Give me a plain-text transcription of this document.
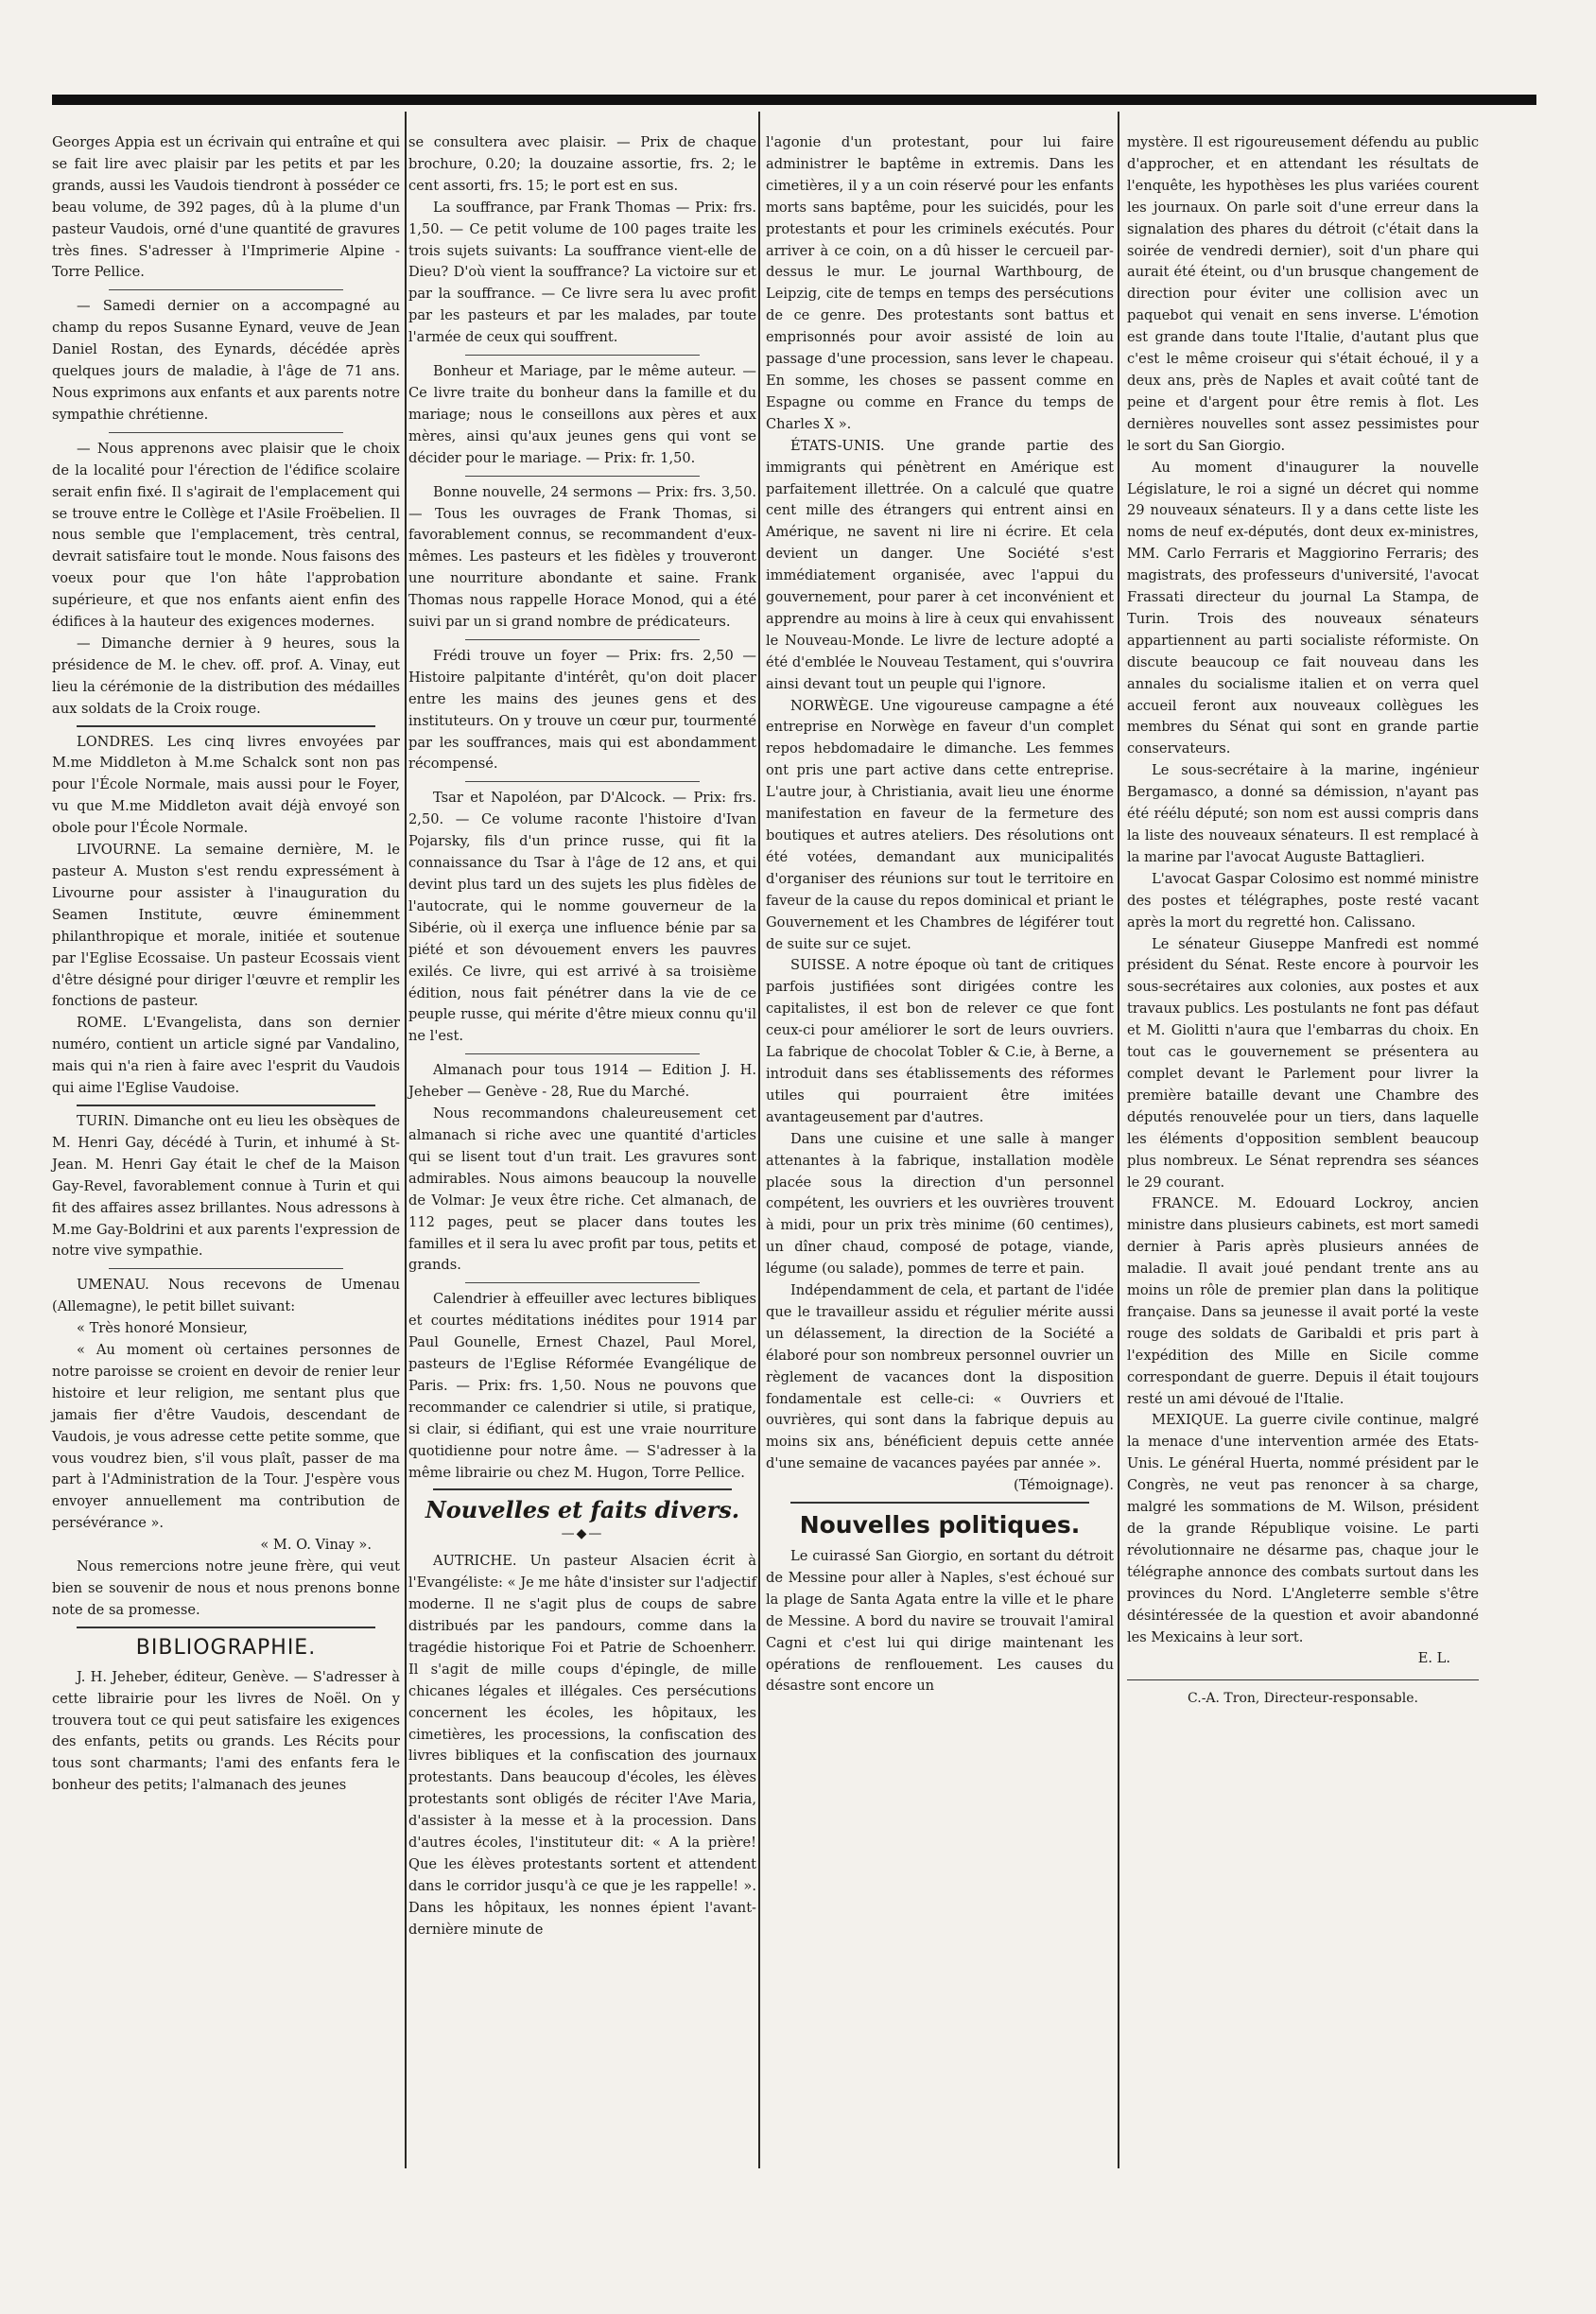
Georges Appia est un écrivain qui entraîne et qui se fait lire avec plaisir par les petits et par les grands, aussi les Vaudois tiendront à posséder ce beau volume, de 392 pages, dû à la plume d'un pasteur Vaudois, orné d'une quantité de gravures très fines. S'adresser à l'Imprimerie Alpine - Torre Pellice.

— Samedi dernier on a accompagné au champ du repos Susanne Eynard, veuve de Jean Daniel Rostan, des Eynards, décédée après quelques jours de maladie, à l'âge de 71 ans. Nous exprimons aux enfants et aux parents notre sympathie chrétienne.

— Nous apprenons avec plaisir que le choix de la localité pour l'érection de l'édifice scolaire serait enfin fixé. Il s'agirait de l'emplacement qui se trouve entre le Collège et l'Asile Froëbelien. Il nous semble que l'emplacement, très central, devrait satisfaire tout le monde. Nous faisons des voeux pour que l'on hâte l'approbation supérieure, et que nos enfants aient enfin des édifices à la hauteur des exigences modernes.

— Dimanche dernier à 9 heures, sous la présidence de M. le chev. off. prof. A. Vinay, eut lieu la cérémonie de la distribution des médailles aux soldats de la Croix rouge.

LONDRES. Les cinq livres envoyées par M.me Middleton à M.me Schalck sont non pas pour l'École Normale, mais aussi pour le Foyer, vu que M.me Middleton avait déjà envoyé son obole pour l'École Normale.

LIVOURNE. La semaine dernière, M. le pasteur A. Muston s'est rendu expressément à Livourne pour assister à l'inauguration du Seamen Institute, œuvre éminemment philanthropique et morale, initiée et soutenue par l'Eglise Ecossaise. Un pasteur Ecossais vient d'être désigné pour diriger l'œuvre et remplir les fonctions de pasteur.

ROME. L'Evangelista, dans son dernier numéro, contient un article signé par Vandalino, mais qui n'a rien à faire avec l'esprit du Vaudois qui aime l'Eglise Vaudoise.

TURIN. Dimanche ont eu lieu les obsèques de M. Henri Gay, décédé à Turin, et inhumé à St-Jean. M. Henri Gay était le chef de la Maison Gay-Revel, favorablement connue à Turin et qui fit des affaires assez brillantes. Nous adressons à M.me Gay-Boldrini et aux parents l'expression de notre vive sympathie.

UMENAU. Nous recevons de Umenau (Allemagne), le petit billet suivant:

« Très honoré Monsieur,

« Au moment où certaines personnes de notre paroisse se croient en devoir de renier leur histoire et leur religion, me sentant plus que jamais fier d'être Vaudois, descendant de Vaudois, je vous adresse cette petite somme, que vous voudrez bien, s'il vous plaît, passer de ma part à l'Administration de la Tour. J'espère vous envoyer annuellement ma contribution de persévérance ».

« M. O. Vinay ».

Nous remercions notre jeune frère, qui veut bien se souvenir de nous et nous prenons bonne note de sa promesse.

BIBLIOGRAPHIE.

J. H. Jeheber, éditeur, Genève. — S'adresser à cette librairie pour les livres de Noël. On y trouvera tout ce qui peut satisfaire les exigences des enfants, petits ou grands. Les Récits pour tous sont charmants; l'ami des enfants fera le bonheur des petits; l'almanach des jeunes

se consultera avec plaisir. — Prix de chaque brochure, 0.20; la douzaine assortie, frs. 2; le cent assorti, frs. 15; le port est en sus.

La souffrance, par Frank Thomas — Prix: frs. 1,50. — Ce petit volume de 100 pages traite les trois sujets suivants: La souffrance vient-elle de Dieu? D'où vient la souffrance? La victoire sur et par la souffrance. — Ce livre sera lu avec profit par les pasteurs et par les malades, par toute l'armée de ceux qui souffrent.

Bonheur et Mariage, par le même auteur. — Ce livre traite du bonheur dans la famille et du mariage; nous le conseillons aux pères et aux mères, ainsi qu'aux jeunes gens qui vont se décider pour le mariage. — Prix: fr. 1,50.

Bonne nouvelle, 24 sermons — Prix: frs. 3,50. — Tous les ouvrages de Frank Thomas, si favorablement connus, se recommandent d'eux-mêmes. Les pasteurs et les fidèles y trouveront une nourriture abondante et saine. Frank Thomas nous rappelle Horace Monod, qui a été suivi par un si grand nombre de prédicateurs.

Frédi trouve un foyer — Prix: frs. 2,50 — Histoire palpitante d'intérêt, qu'on doit placer entre les mains des jeunes gens et des instituteurs. On y trouve un cœur pur, tourmenté par les souffrances, mais qui est abondamment récompensé.

Tsar et Napoléon, par D'Alcock. — Prix: frs. 2,50. — Ce volume raconte l'histoire d'Ivan Pojarsky, fils d'un prince russe, qui fit la connaissance du Tsar à l'âge de 12 ans, et qui devint plus tard un des sujets les plus fidèles de l'autocrate, qui le nomme gouverneur de la Sibérie, où il exerça une influence bénie par sa piété et son dévouement envers les pauvres exilés. Ce livre, qui est arrivé à sa troisième édition, nous fait pénétrer dans la vie de ce peuple russe, qui mérite d'être mieux connu qu'il ne l'est.

Almanach pour tous 1914 — Edition J. H. Jeheber — Genève - 28, Rue du Marché.

Nous recommandons chaleureusement cet almanach si riche avec une quantité d'articles qui se lisent tout d'un trait. Les gravures sont admirables. Nous aimons beaucoup la nouvelle de Volmar: Je veux être riche. Cet almanach, de 112 pages, peut se placer dans toutes les familles et il sera lu avec profit par tous, petits et grands.

Calendrier à effeuiller avec lectures bibliques et courtes méditations inédites pour 1914 par Paul Gounelle, Ernest Chazel, Paul Morel, pasteurs de l'Eglise Réformée Evangélique de Paris. — Prix: frs. 1,50. Nous ne pouvons que recommander ce calendrier si utile, si pratique, si clair, si édifiant, qui est une vraie nourriture quotidienne pour notre âme. — S'adresser à la même librairie ou chez M. Hugon, Torre Pellice.

Nouvelles et faits divers.
—◆—

AUTRICHE. Un pasteur Alsacien écrit à l'Evangéliste: « Je me hâte d'insister sur l'adjectif moderne. Il ne s'agit plus de coups de sabre distribués par les pandours, comme dans la tragédie historique Foi et Patrie de Schoenherr. Il s'agit de mille coups d'épingle, de mille chicanes légales et illégales. Ces persécutions concernent les écoles, les hôpitaux, les cimetières, les processions, la confiscation des livres bibliques et la confiscation des journaux protestants. Dans beaucoup d'écoles, les élèves protestants sont obligés de réciter l'Ave Maria, d'assister à la messe et à la procession. Dans d'autres écoles, l'instituteur dit: « A la prière! Que les élèves protestants sortent et attendent dans le corridor jusqu'à ce que je les rappelle! ». Dans les hôpitaux, les nonnes épient l'avant-dernière minute de

l'agonie d'un protestant, pour lui faire administrer le baptême in extremis. Dans les cimetières, il y a un coin réservé pour les enfants morts sans baptême, pour les suicidés, pour les protestants et pour les criminels exécutés. Pour arriver à ce coin, on a dû hisser le cercueil par-dessus le mur. Le journal Warthbourg, de Leipzig, cite de temps en temps des persécutions de ce genre. Des protestants sont battus et emprisonnés pour avoir assisté de loin au passage d'une procession, sans lever le chapeau. En somme, les choses se passent comme en Espagne ou comme en France du temps de Charles X ».

ÉTATS-UNIS. Une grande partie des immigrants qui pénètrent en Amérique est parfaitement illettrée. On a calculé que quatre cent mille des étrangers qui entrent ainsi en Amérique, ne savent ni lire ni écrire. Et cela devient un danger. Une Société s'est immédiatement organisée, avec l'appui du gouvernement, pour parer à cet inconvénient et apprendre au moins à lire à ceux qui envahissent le Nouveau-Monde. Le livre de lecture adopté a été d'emblée le Nouveau Testament, qui s'ouvrira ainsi devant tout un peuple qui l'ignore.

NORWÈGE. Une vigoureuse campagne a été entreprise en Norwège en faveur d'un complet repos hebdomadaire le dimanche. Les femmes ont pris une part active dans cette entreprise. L'autre jour, à Christiania, avait lieu une énorme manifestation en faveur de la fermeture des boutiques et autres ateliers. Des résolutions ont été votées, demandant aux municipalités d'organiser des réunions sur tout le territoire en faveur de la cause du repos dominical et priant le Gouvernement et les Chambres de légiférer tout de suite sur ce sujet.

SUISSE. A notre époque où tant de critiques parfois justifiées sont dirigées contre les capitalistes, il est bon de relever ce que font ceux-ci pour améliorer le sort de leurs ouvriers. La fabrique de chocolat Tobler & C.ie, à Berne, a introduit dans ses établissements des réformes utiles qui pourraient être imitées avantageusement par d'autres.

Dans une cuisine et une salle à manger attenantes à la fabrique, installation modèle placée sous la direction d'un personnel compétent, les ouvriers et les ouvrières trouvent à midi, pour un prix très minime (60 centimes), un dîner chaud, composé de potage, viande, légume (ou salade), pommes de terre et pain.

Indépendamment de cela, et partant de l'idée que le travailleur assidu et régulier mérite aussi un délassement, la direction de la Société a élaboré pour son nombreux personnel ouvrier un règlement de vacances dont la disposition fondamentale est celle-ci: « Ouvriers et ouvrières, qui sont dans la fabrique depuis au moins six ans, bénéficient depuis cette année d'une semaine de vacances payées par année ».

(Témoignage).

Nouvelles politiques.

Le cuirassé San Giorgio, en sortant du détroit de Messine pour aller à Naples, s'est échoué sur la plage de Santa Agata entre la ville et le phare de Messine. A bord du navire se trouvait l'amiral Cagni et c'est lui qui dirige maintenant les opérations de renflouement. Les causes du désastre sont encore un

mystère. Il est rigoureusement défendu au public d'approcher, et en attendant les résultats de l'enquête, les hypothèses les plus variées courent les journaux. On parle soit d'une erreur dans la signalation des phares du détroit (c'était dans la soirée de vendredi dernier), soit d'un phare qui aurait été éteint, ou d'un brusque changement de direction pour éviter une collision avec un paquebot qui venait en sens inverse. L'émotion est grande dans toute l'Italie, d'autant plus que c'est le même croiseur qui s'était échoué, il y a deux ans, près de Naples et avait coûté tant de peine et d'argent pour être remis à flot. Les dernières nouvelles sont assez pessimistes pour le sort du San Giorgio.

Au moment d'inaugurer la nouvelle Législature, le roi a signé un décret qui nomme 29 nouveaux sénateurs. Il y a dans cette liste les noms de neuf ex-députés, dont deux ex-ministres, MM. Carlo Ferraris et Maggiorino Ferraris; des magistrats, des professeurs d'université, l'avocat Frassati directeur du journal La Stampa, de Turin. Trois des nouveaux sénateurs appartiennent au parti socialiste réformiste. On discute beaucoup ce fait nouveau dans les annales du socialisme italien et on verra quel accueil feront aux nouveaux collègues les membres du Sénat qui sont en grande partie conservateurs.

Le sous-secrétaire à la marine, ingénieur Bergamasco, a donné sa démission, n'ayant pas été réélu député; son nom est aussi compris dans la liste des nouveaux sénateurs. Il est remplacé à la marine par l'avocat Auguste Battaglieri.

L'avocat Gaspar Colosimo est nommé ministre des postes et télégraphes, poste resté vacant après la mort du regretté hon. Calissano.

Le sénateur Giuseppe Manfredi est nommé président du Sénat. Reste encore à pourvoir les sous-secrétaires aux colonies, aux postes et aux travaux publics. Les postulants ne font pas défaut et M. Giolitti n'aura que l'embarras du choix. En tout cas le gouvernement se présentera au complet devant le Parlement pour livrer la première bataille devant une Chambre des députés renouvelée pour un tiers, dans laquelle les éléments d'opposition semblent beaucoup plus nombreux. Le Sénat reprendra ses séances le 29 courant.

FRANCE. M. Edouard Lockroy, ancien ministre dans plusieurs cabinets, est mort samedi dernier à Paris après plusieurs années de maladie. Il avait joué pendant trente ans au moins un rôle de premier plan dans la politique française. Dans sa jeunesse il avait porté la veste rouge des soldats de Garibaldi et pris part à l'expédition des Mille en Sicile comme correspondant de guerre. Depuis il était toujours resté un ami dévoué de l'Italie.

MEXIQUE. La guerre civile continue, malgré la menace d'une intervention armée des Etats-Unis. Le général Huerta, nommé président par le Congrès, ne veut pas renoncer à sa charge, malgré les sommations de M. Wilson, président de la grande République voisine. Le parti révolutionnaire ne désarme pas, chaque jour le télégraphe annonce des combats surtout dans les provinces du Nord. L'Angleterre semble s'être désintéressée de la question et avoir abandonné les Mexicains à leur sort.

E. L.

C.-A. Tron, Directeur-responsable.
